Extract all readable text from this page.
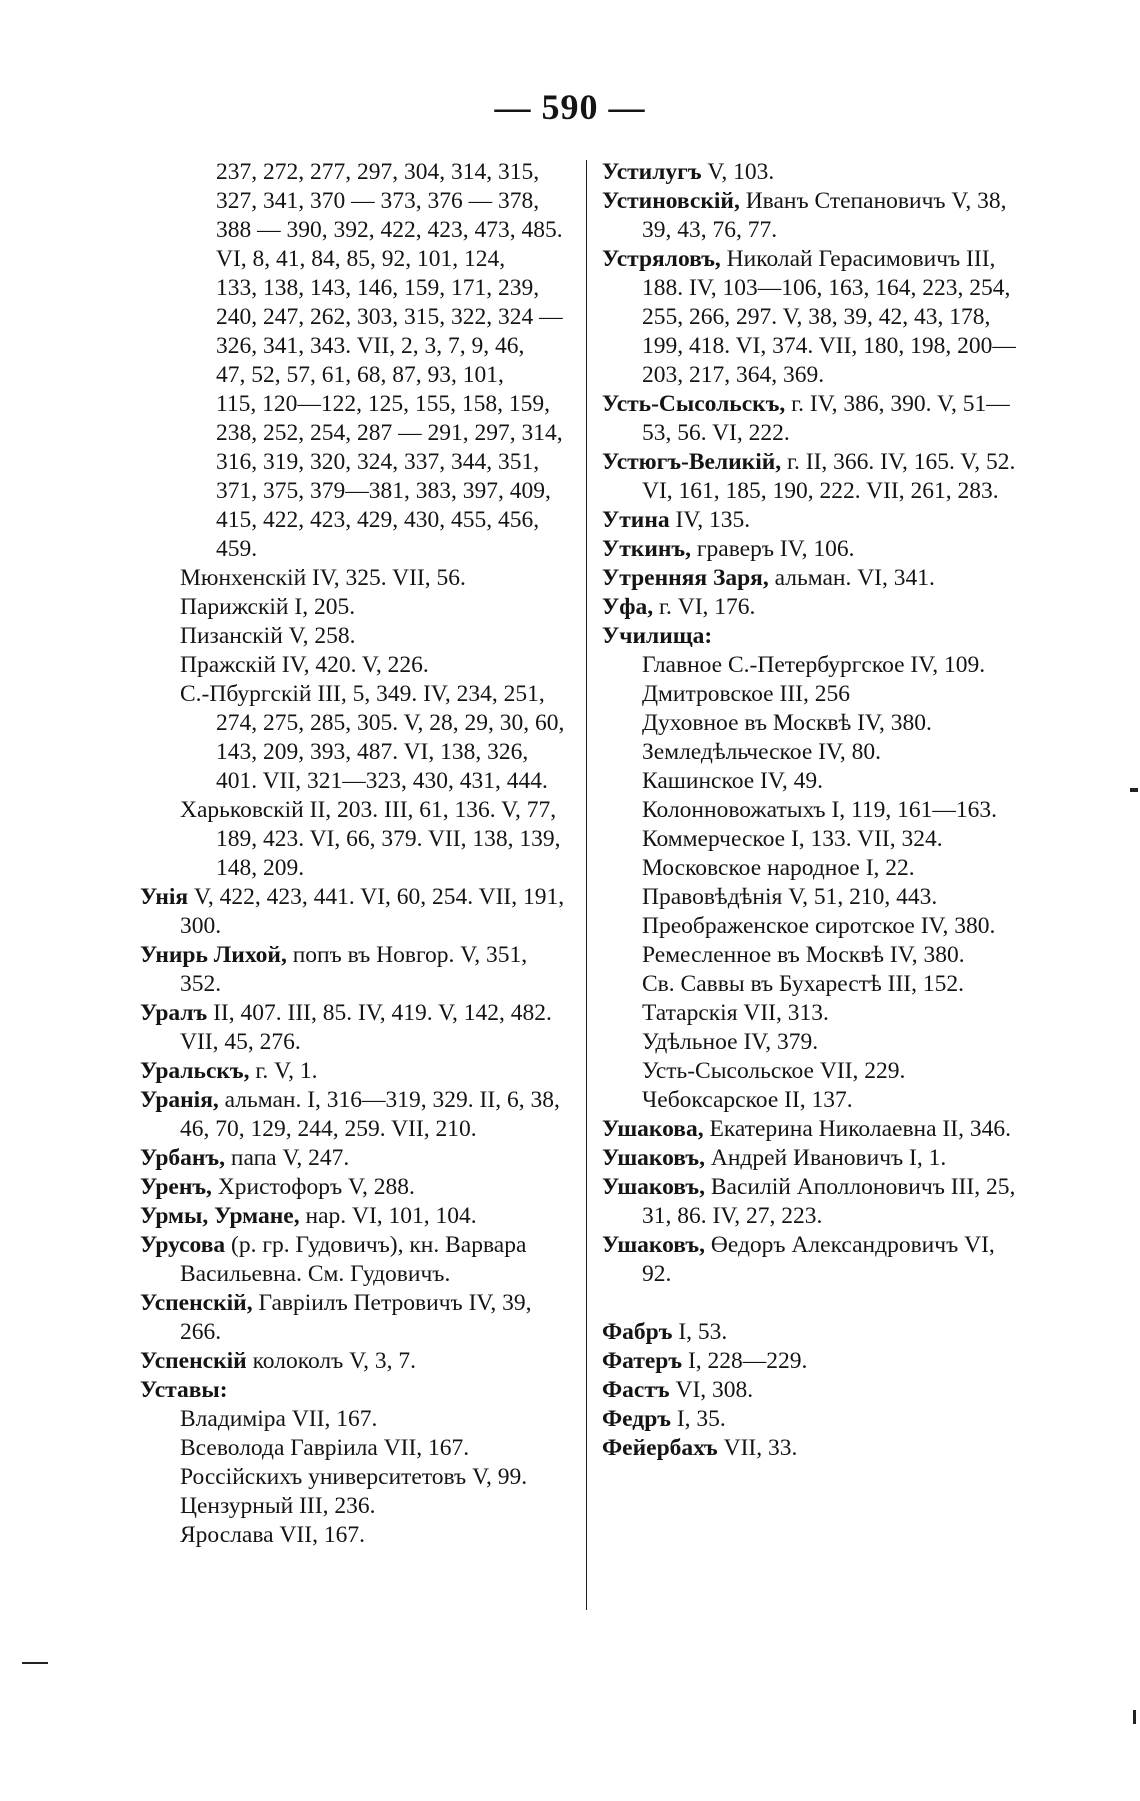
— 590 —

237, 272, 277, 297, 304, 314, 315,

327, 341, 370 — 373, 376 — 378,

388 — 390, 392, 422, 423, 473, 485.

VI, 8, 41, 84, 85, 92, 101, 124,

133, 138, 143, 146, 159, 171, 239,

240, 247, 262, 303, 315, 322, 324 —

326, 341, 343. VII, 2, 3, 7, 9, 46,

47, 52, 57, 61, 68, 87, 93, 101,

115, 120—122, 125, 155, 158, 159,

238, 252, 254, 287 — 291, 297, 314,

316, 319, 320, 324, 337, 344, 351,

371, 375, 379—381, 383, 397, 409,

415, 422, 423, 429, 430, 455, 456,

459.

Мюнхенскій IV, 325. VII, 56.

Парижскій I, 205.

Пизанскій V, 258.

Пражскій IV, 420. V, 226.

С.-Пбургскій III, 5, 349. IV, 234, 251, 274, 275, 285, 305. V, 28, 29, 30, 60, 143, 209, 393, 487. VI, 138, 326, 401. VII, 321—323, 430, 431, 444.

Харьковскій II, 203. III, 61, 136. V, 77, 189, 423. VI, 66, 379. VII, 138, 139, 148, 209.

Унія V, 422, 423, 441. VI, 60, 254. VII, 191, 300.

Унирь Лихой, попъ въ Новгор. V, 351, 352.

Уралъ II, 407. III, 85. IV, 419. V, 142, 482. VII, 45, 276.

Уральскъ, г. V, 1.

Уранія, альман. I, 316—319, 329. II, 6, 38, 46, 70, 129, 244, 259. VII, 210.

Урбанъ, папа V, 247.

Уренъ, Христофоръ V, 288.

Урмы, Урмане, нар. VI, 101, 104.

Урусова (р. гр. Гудовичъ), кн. Варвара Васильевна. См. Гудовичъ.

Успенскій, Гавріилъ Петровичъ IV, 39, 266.

Успенскій колоколъ V, 3, 7.

Уставы:

Владиміра VII, 167.

Всеволода Гавріила VII, 167.

Россійскихъ университетовъ V, 99.

Цензурный III, 236.

Ярослава VII, 167.

Устилугъ V, 103.

Устиновскій, Иванъ Степановичъ V, 38, 39, 43, 76, 77.

Устряловъ, Николай Герасимовичъ III, 188. IV, 103—106, 163, 164, 223, 254, 255, 266, 297. V, 38, 39, 42, 43, 178, 199, 418. VI, 374. VII, 180, 198, 200—203, 217, 364, 369.

Усть-Сысольскъ, г. IV, 386, 390. V, 51—53, 56. VI, 222.

Устюгъ-Великій, г. II, 366. IV, 165. V, 52. VI, 161, 185, 190, 222. VII, 261, 283.

Утина IV, 135.

Уткинъ, граверъ IV, 106.

Утренняя Заря, альман. VI, 341.

Уфа, г. VI, 176.

Училища:

Главное С.-Петербургское IV, 109.

Дмитровское III, 256

Духовное въ Москвѣ IV, 380.

Земледѣльческое IV, 80.

Кашинское IV, 49.

Колонновожатыхъ I, 119, 161—163.

Коммерческое I, 133. VII, 324.

Московское народное I, 22.

Правовѣдѣнія V, 51, 210, 443.

Преображенское сиротское IV, 380.

Ремесленное въ Москвѣ IV, 380.

Св. Саввы въ Бухарестѣ III, 152.

Татарскія VII, 313.

Удѣльное IV, 379.

Усть-Сысольское VII, 229.

Чебоксарское II, 137.

Ушакова, Екатерина Николаевна II, 346.

Ушаковъ, Андрей Ивановичъ I, 1.

Ушаковъ, Василій Аполлоновичъ III, 25, 31, 86. IV, 27, 223.

Ушаковъ, Өедоръ Александровичъ VI, 92.

Фабръ I, 53.

Фатеръ I, 228—229.

Фастъ VI, 308.

Федръ I, 35.

Фейербахъ VII, 33.
